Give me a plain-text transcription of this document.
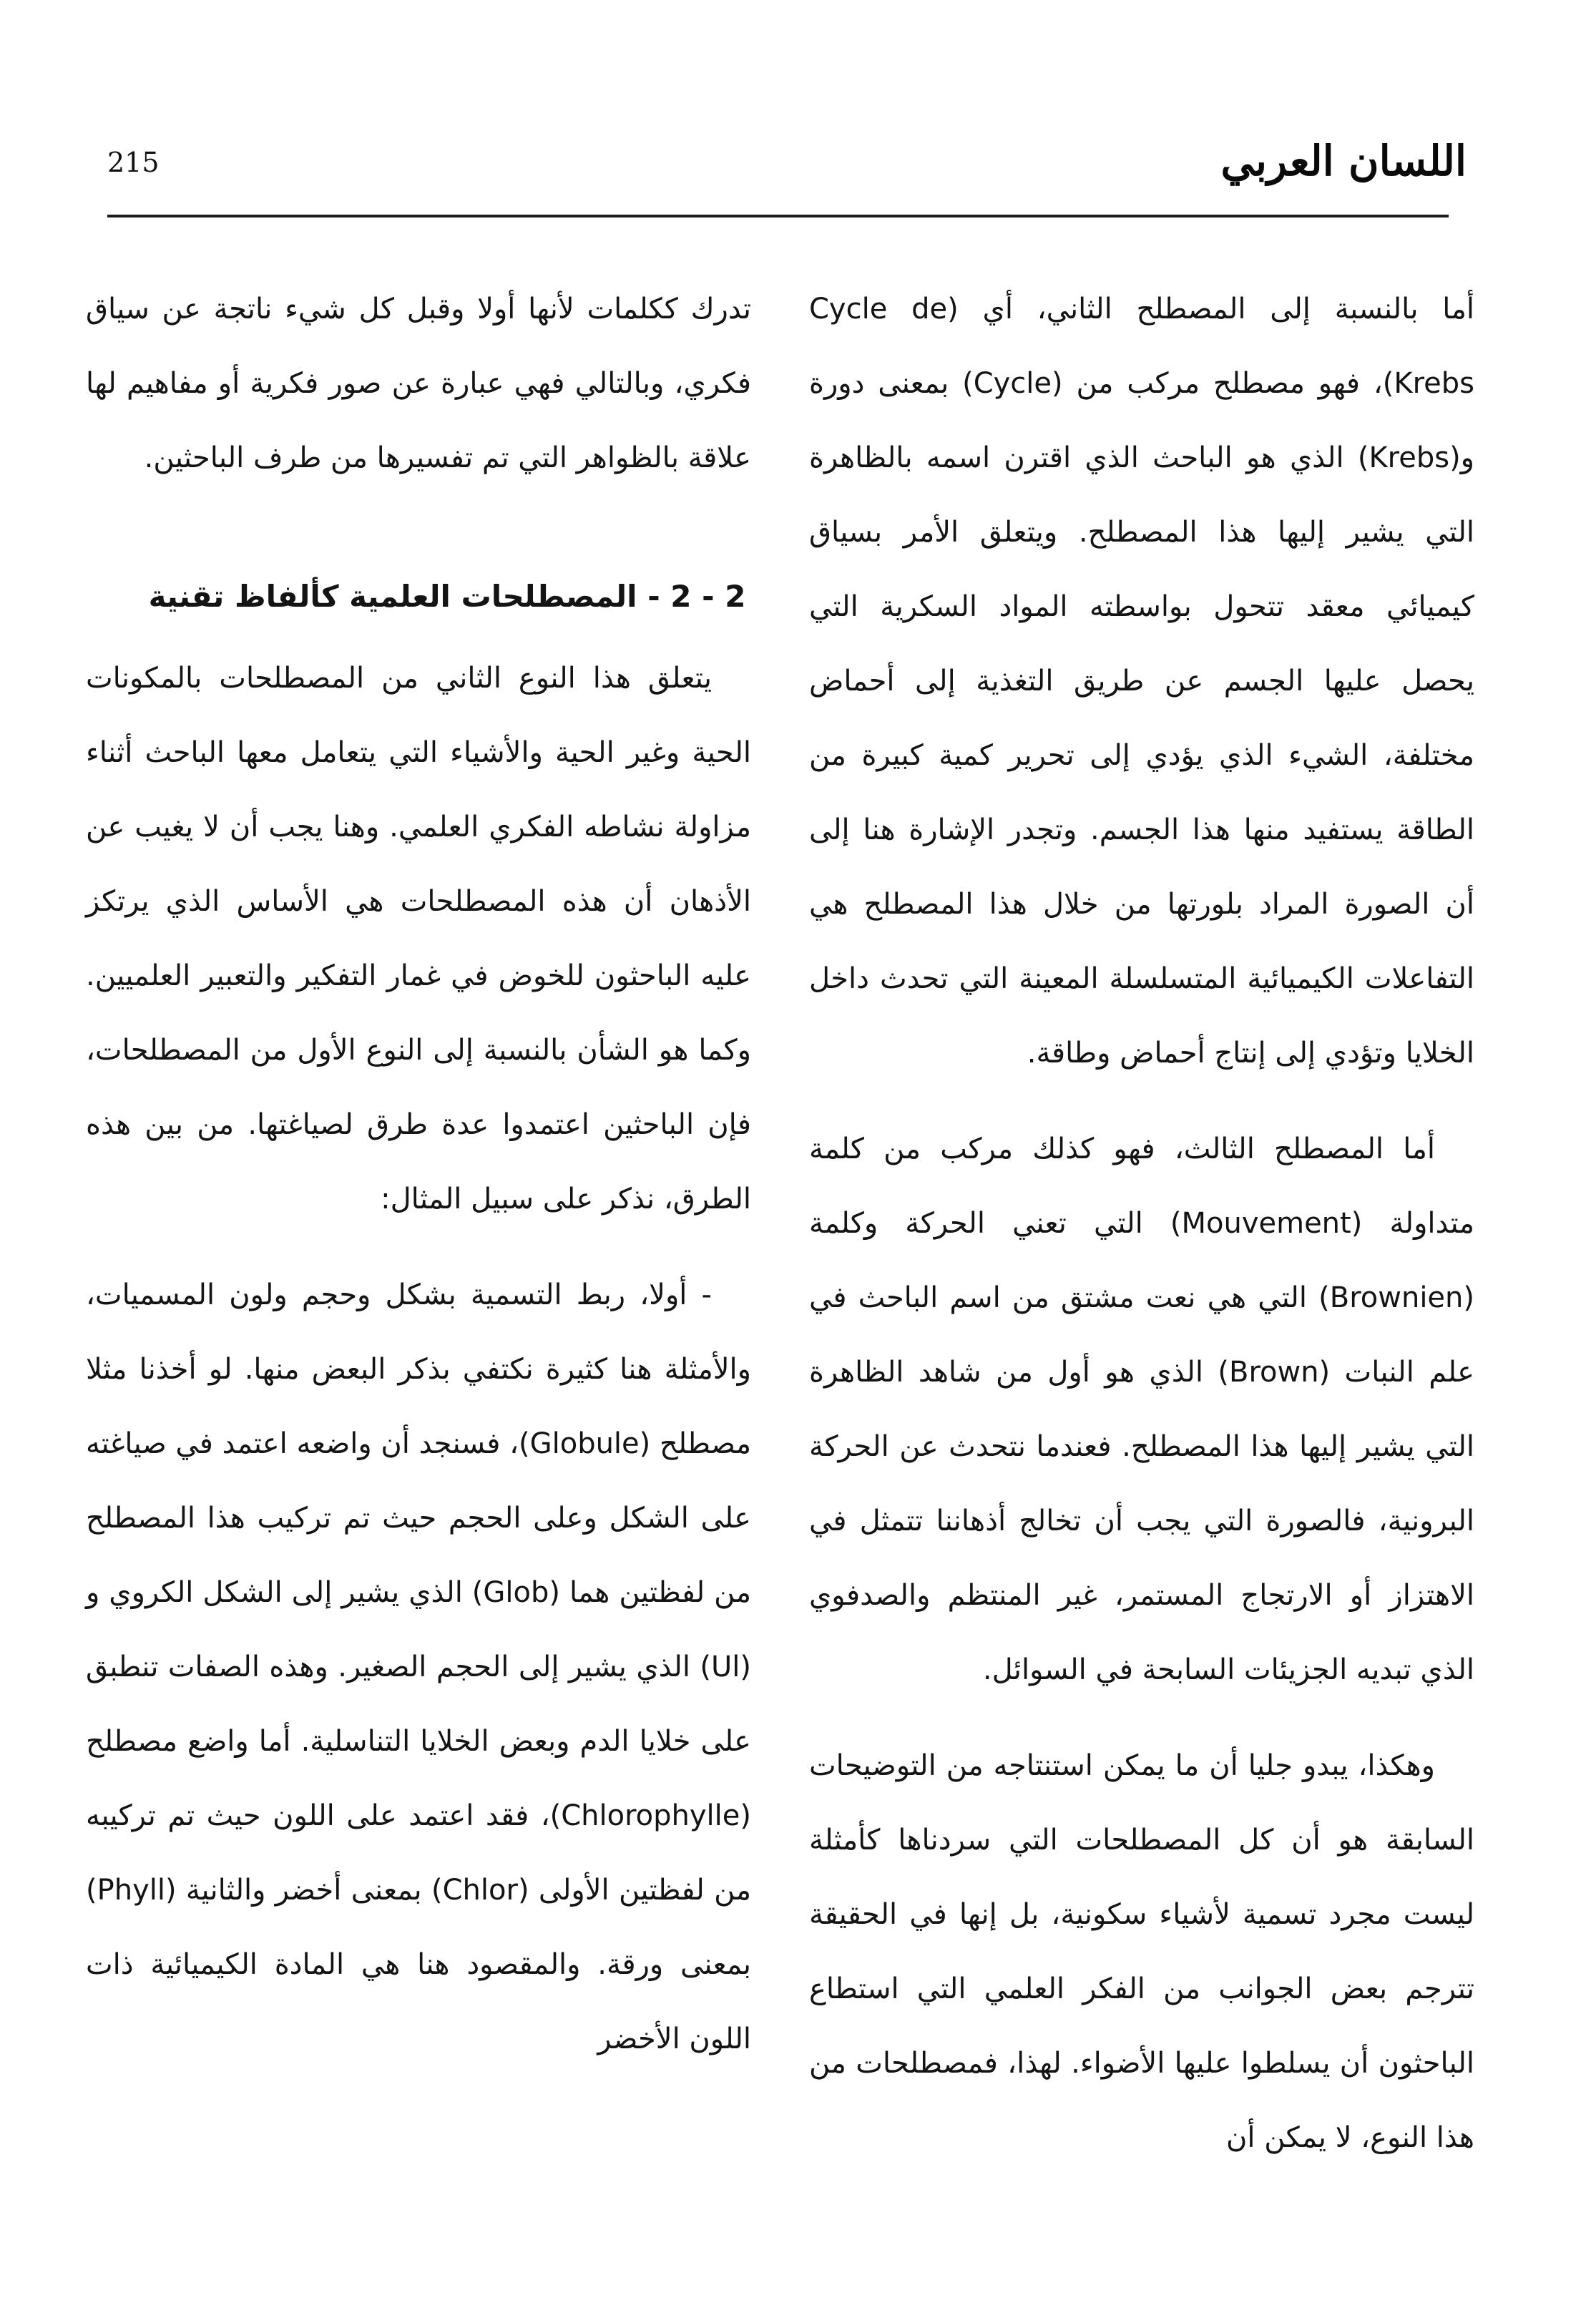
اللسان العربي
215

أما بالنسبة إلى المصطلح الثاني، أي (Cycle de Krebs)، فهو مصطلح مركب من (Cycle) بمعنى دورة و(Krebs) الذي هو الباحث الذي اقترن اسمه بالظاهرة التي يشير إليها هذا المصطلح. ويتعلق الأمر بسياق كيميائي معقد تتحول بواسطته المواد السكرية التي يحصل عليها الجسم عن طريق التغذية إلى أحماض مختلفة، الشيء الذي يؤدي إلى تحرير كمية كبيرة من الطاقة يستفيد منها هذا الجسم. وتجدر الإشارة هنا إلى أن الصورة المراد بلورتها من خلال هذا المصطلح هي التفاعلات الكيميائية المتسلسلة المعينة التي تحدث داخل الخلايا وتؤدي إلى إنتاج أحماض وطاقة.

أما المصطلح الثالث، فهو كذلك مركب من كلمة متداولة (Mouvement) التي تعني الحركة وكلمة (Brownien) التي هي نعت مشتق من اسم الباحث في علم النبات (Brown) الذي هو أول من شاهد الظاهرة التي يشير إليها هذا المصطلح. فعندما نتحدث عن الحركة البرونية، فالصورة التي يجب أن تخالج أذهاننا تتمثل في الاهتزاز أو الارتجاج المستمر، غير المنتظم والصدفوي الذي تبديه الجزيئات السابحة في السوائل.

وهكذا، يبدو جليا أن ما يمكن استنتاجه من التوضيحات السابقة هو أن كل المصطلحات التي سردناها كأمثلة ليست مجرد تسمية لأشياء سكونية، بل إنها في الحقيقة تترجم بعض الجوانب من الفكر العلمي التي استطاع الباحثون أن يسلطوا عليها الأضواء. لهذا، فمصطلحات من هذا النوع، لا يمكن أن

تدرك ككلمات لأنها أولا وقبل كل شيء ناتجة عن سياق فكري، وبالتالي فهي عبارة عن صور فكرية أو مفاهيم لها علاقة بالظواهر التي تم تفسيرها من طرف الباحثين.

2 - 2 - المصطلحات العلمية كألفاظ تقنية

يتعلق هذا النوع الثاني من المصطلحات بالمكونات الحية وغير الحية والأشياء التي يتعامل معها الباحث أثناء مزاولة نشاطه الفكري العلمي. وهنا يجب أن لا يغيب عن الأذهان أن هذه المصطلحات هي الأساس الذي يرتكز عليه الباحثون للخوض في غمار التفكير والتعبير العلميين. وكما هو الشأن بالنسبة إلى النوع الأول من المصطلحات، فإن الباحثين اعتمدوا عدة طرق لصياغتها. من بين هذه الطرق، نذكر على سبيل المثال:

- أولا، ربط التسمية بشكل وحجم ولون المسميات، والأمثلة هنا كثيرة نكتفي بذكر البعض منها. لو أخذنا مثلا مصطلح (Globule)، فسنجد أن واضعه اعتمد في صياغته على الشكل وعلى الحجم حيث تم تركيب هذا المصطلح من لفظتين هما (Glob) الذي يشير إلى الشكل الكروي و (Ul) الذي يشير إلى الحجم الصغير. وهذه الصفات تنطبق على خلايا الدم وبعض الخلايا التناسلية. أما واضع مصطلح (Chlorophylle)، فقد اعتمد على اللون حيث تم تركيبه من لفظتين الأولى (Chlor) بمعنى أخضر والثانية (Phyll) بمعنى ورقة. والمقصود هنا هي المادة الكيميائية ذات اللون الأخضر
